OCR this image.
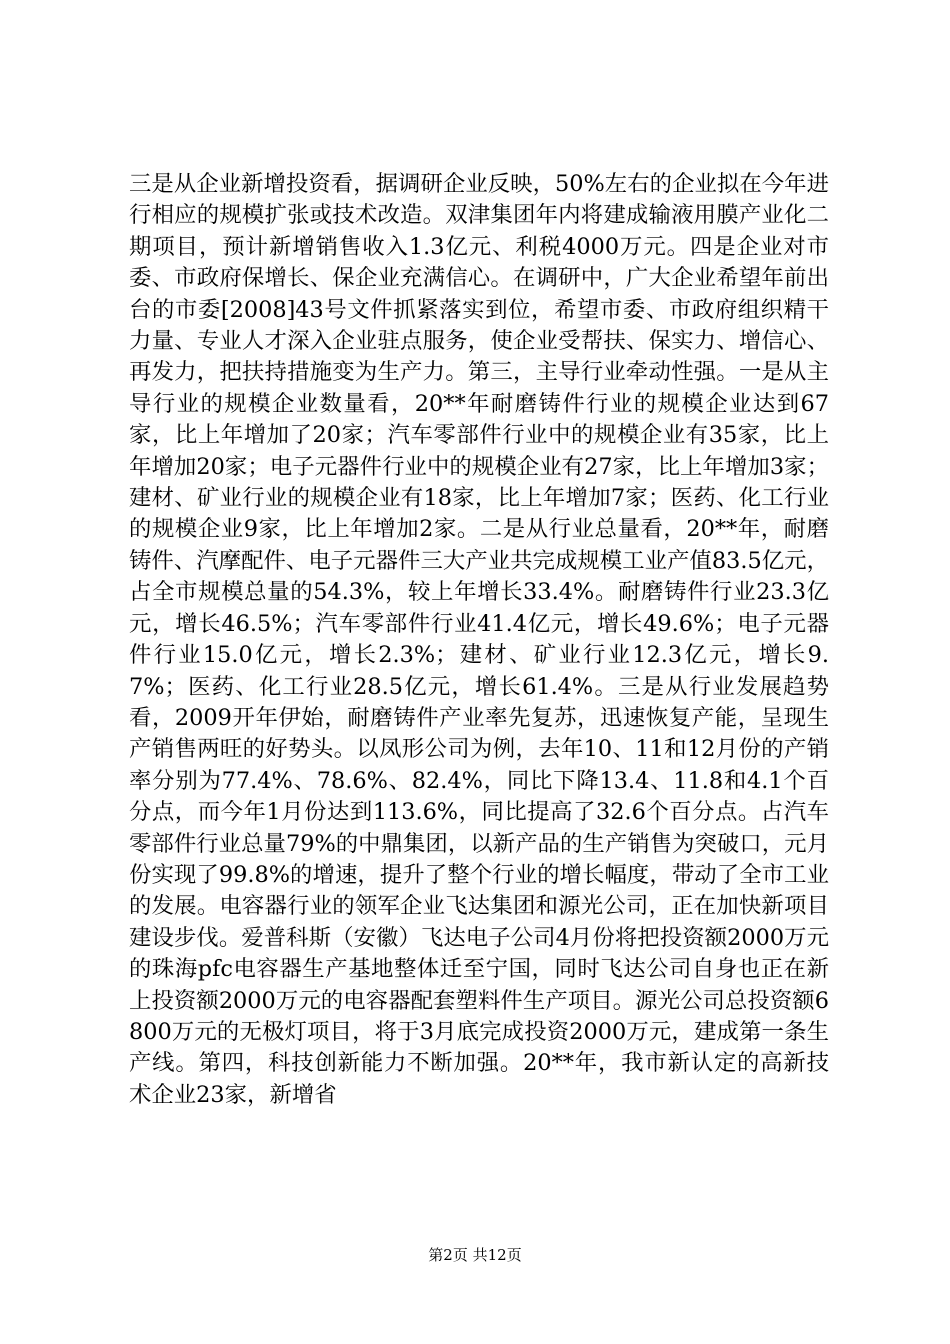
三是从企业新增投资看，据调研企业反映，50%左右的企业拟在今年进行相应的规模扩张或技术改造。双津集团年内将建成输液用膜产业化二期项目，预计新增销售收入1.3亿元、利税4000万元。四是企业对市委、市政府保增长、保企业充满信心。在调研中，广大企业希望年前出台的市委[2008]43号文件抓紧落实到位，希望市委、市政府组织精干力量、专业人才深入企业驻点服务，使企业受帮扶、保实力、增信心、再发力，把扶持措施变为生产力。第三，主导行业牵动性强。一是从主导行业的规模企业数量看，20**年耐磨铸件行业的规模企业达到67家，比上年增加了20家；汽车零部件行业中的规模企业有35家，比上年增加20家；电子元器件行业中的规模企业有27家，比上年增加3家；建材、矿业行业的规模企业有18家，比上年增加7家；医药、化工行业的规模企业9家，比上年增加2家。二是从行业总量看，20**年，耐磨铸件、汽摩配件、电子元器件三大产业共完成规模工业产值83.5亿元，占全市规模总量的54.3%，较上年增长33.4%。耐磨铸件行业23.3亿元，增长46.5%；汽车零部件行业41.4亿元，增长49.6%；电子元器件行业15.0亿元，增长2.3%；建材、矿业行业12.3亿元，增长9.7%；医药、化工行业28.5亿元，增长61.4%。三是从行业发展趋势看，2009开年伊始，耐磨铸件产业率先复苏，迅速恢复产能，呈现生产销售两旺的好势头。以凤形公司为例，去年10、11和12月份的产销率分别为77.4%、78.6%、82.4%，同比下降13.4、11.8和4.1个百分点，而今年1月份达到113.6%，同比提高了32.6个百分点。占汽车零部件行业总量79%的中鼎集团，以新产品的生产销售为突破口，元月份实现了99.8%的增速，提升了整个行业的增长幅度，带动了全市工业的发展。电容器行业的领军企业飞达集团和源光公司，正在加快新项目建设步伐。爱普科斯（安徽）飞达电子公司4月份将把投资额2000万元的珠海pfc电容器生产基地整体迁至宁国，同时飞达公司自身也正在新上投资额2000万元的电容器配套塑料件生产项目。源光公司总投资额6800万元的无极灯项目，将于3月底完成投资2000万元，建成第一条生产线。第四，科技创新能力不断加强。20**年，我市新认定的高新技术企业23家，新增省

第2页 共12页
